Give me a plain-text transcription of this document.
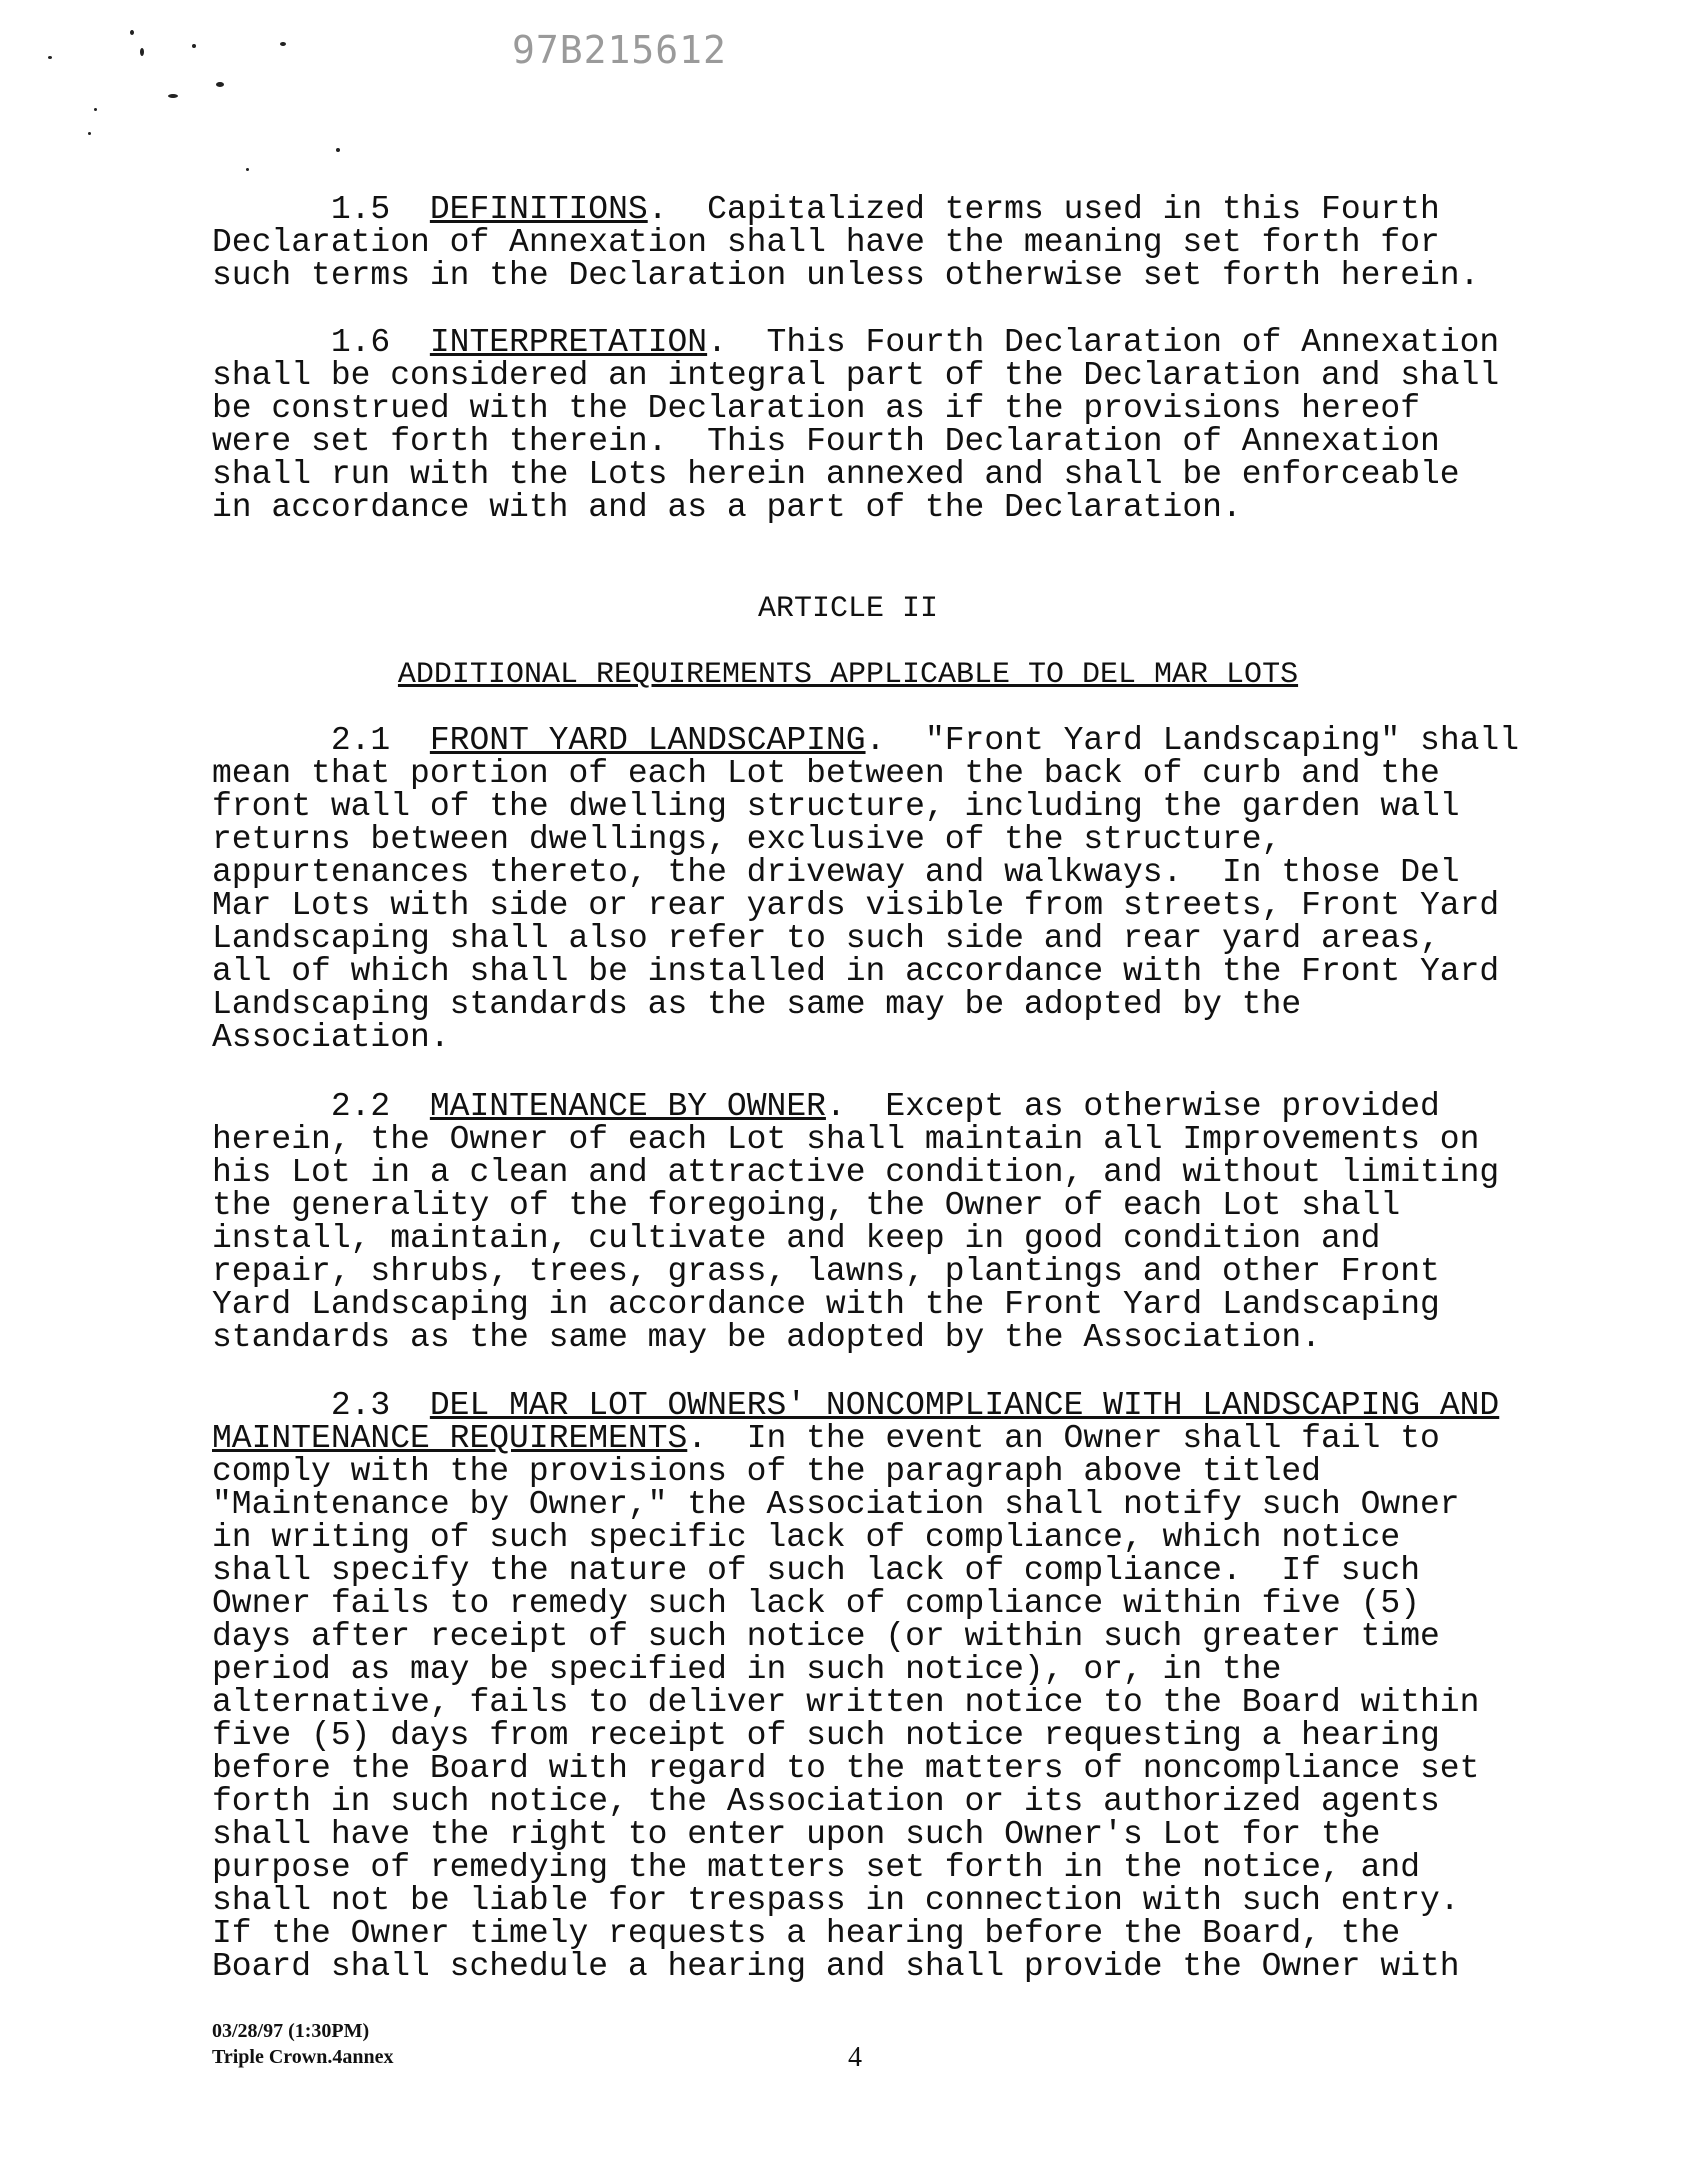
97B215612
1.5 DEFINITIONS.  Capitalized terms used in this Fourth
Declaration of Annexation shall have the meaning set forth for
such terms in the Declaration unless otherwise set forth herein.
1.6 INTERPRETATION.  This Fourth Declaration of Annexation
shall be considered an integral part of the Declaration and shall
be construed with the Declaration as if the provisions hereof
were set forth therein.  This Fourth Declaration of Annexation
shall run with the Lots herein annexed and shall be enforceable
in accordance with and as a part of the Declaration.
ARTICLE II
ADDITIONAL REQUIREMENTS APPLICABLE TO DEL MAR LOTS
2.1 FRONT YARD LANDSCAPING.  "Front Yard Landscaping" shall
mean that portion of each Lot between the back of curb and the
front wall of the dwelling structure, including the garden wall
returns between dwellings, exclusive of the structure,
appurtenances thereto, the driveway and walkways.  In those Del
Mar Lots with side or rear yards visible from streets, Front Yard
Landscaping shall also refer to such side and rear yard areas,
all of which shall be installed in accordance with the Front Yard
Landscaping standards as the same may be adopted by the
Association.
2.2 MAINTENANCE BY OWNER.  Except as otherwise provided
herein, the Owner of each Lot shall maintain all Improvements on
his Lot in a clean and attractive condition, and without limiting
the generality of the foregoing, the Owner of each Lot shall
install, maintain, cultivate and keep in good condition and
repair, shrubs, trees, grass, lawns, plantings and other Front
Yard Landscaping in accordance with the Front Yard Landscaping
standards as the same may be adopted by the Association.
2.3 DEL MAR LOT OWNERS' NONCOMPLIANCE WITH LANDSCAPING AND
MAINTENANCE REQUIREMENTS.  In the event an Owner shall fail to
comply with the provisions of the paragraph above titled
"Maintenance by Owner," the Association shall notify such Owner
in writing of such specific lack of compliance, which notice
shall specify the nature of such lack of compliance.  If such
Owner fails to remedy such lack of compliance within five (5)
days after receipt of such notice (or within such greater time
period as may be specified in such notice), or, in the
alternative, fails to deliver written notice to the Board within
five (5) days from receipt of such notice requesting a hearing
before the Board with regard to the matters of noncompliance set
forth in such notice, the Association or its authorized agents
shall have the right to enter upon such Owner's Lot for the
purpose of remedying the matters set forth in the notice, and
shall not be liable for trespass in connection with such entry.
If the Owner timely requests a hearing before the Board, the
Board shall schedule a hearing and shall provide the Owner with
03/28/97 (1:30PM)
Triple Crown.4annex	4
